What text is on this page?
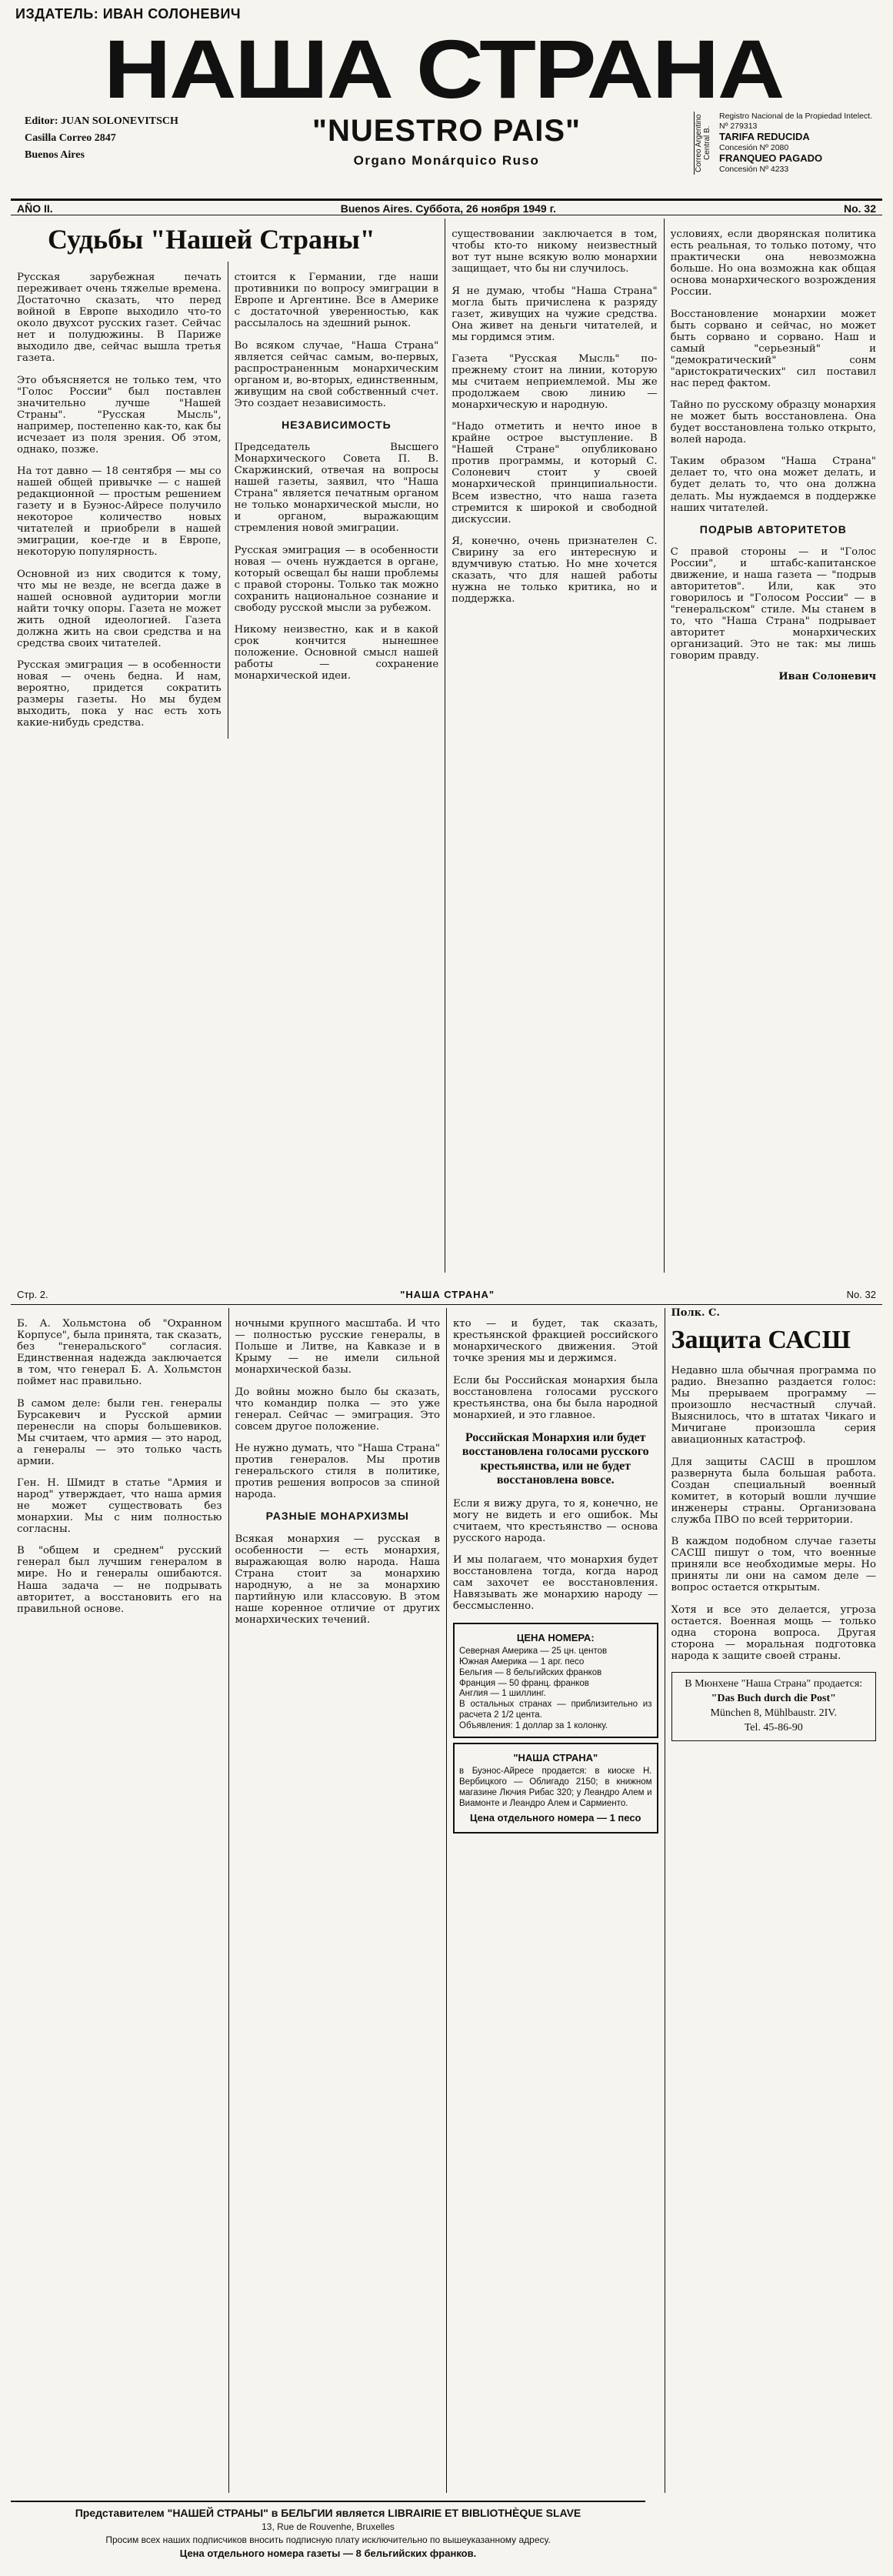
ИЗДАТЕЛЬ: ИВАН СОЛОНЕВИЧ
НАША СТРАНА
Editor: JUAN SOLONEVITSCH
Casilla Correo 2847
Buenos Aires
"NUESTRO PAIS"
Organo Monárquico Ruso	Correo Argentino Central B.
Registro Nacional de la Propiedad Intelect. Nº 279313
TARIFA REDUCIDA
Concesión Nº 2080
FRANQUEO PAGADO
Concesión Nº 4233
AÑO II.	Buenos Aires. Суббота, 26 ноября 1949 г.	No. 32
Судьбы "Нашей Страны"

Русская зарубежная печать переживает очень тяжелые времена. Достаточно сказать, что перед войной в Европе выходило что-то около двухсот русских газет. Сейчас нет и полудюжины. В Париже выходило две, сейчас вышла третья газета.

Это объясняется не только тем, что "Голос России" был поставлен значительно лучше "Нашей Страны". "Русская Мысль", например, постепенно как-то, как бы исчезает из поля зрения. Об этом, однако, позже.

На тот давно — 18 сентября — мы со нашей общей привычке — с нашей редакционной — простым решением газету и в Буэнос-Айресе получило некоторое количество новых читателей и приобрели в нашей эмиграции, кое-где и в Европе, некоторую популярность.

Основной из них сводится к тому, что мы не везде, не всегда даже в нашей основной аудитории могли найти точку опоры. Газета не может жить одной идеологией. Газета должна жить на свои средства и на средства своих читателей.

Русская эмиграция — в особенности новая — очень бедна. И нам, вероятно, придется сократить размеры газеты. Но мы будем выходить, пока у нас есть хоть какие-нибудь средства.

стоится к Германии, где наши противники по вопросу эмиграции в Европе и Аргентине. Все в Америке с достаточной уверенностью, как рассылалось на здешний рынок.

Во всяком случае, "Наша Страна" является сейчас самым, во-первых, распространенным монархическим органом и, во-вторых, единственным, живущим на свой собственный счет. Это создает независимость.

НЕЗАВИСИМОСТЬ

Председатель Высшего Монархического Совета П. В. Скаржинский, отвечая на вопросы нашей газеты, заявил, что "Наша Страна" является печатным органом не только монархической мысли, но и органом, выражающим стремления новой эмиграции.

Русская эмиграция — в особенности новая — очень нуждается в органе, который освещал бы наши проблемы с правой стороны. Только так можно сохранить национальное сознание и свободу русской мысли за рубежом.

Никому неизвестно, как и в какой срок кончится нынешнее положение. Основной смысл нашей работы — сохранение монархической идеи.

существовании заключается в том, чтобы кто-то никому неизвестный вот тут ныне всякую волю монархии защищает, что бы ни случилось.

Я не думаю, чтобы "Наша Страна" могла быть причислена к разряду газет, живущих на чужие средства. Она живет на деньги читателей, и мы гордимся этим.

Газета "Русская Мысль" по-прежнему стоит на линии, которую мы считаем неприемлемой. Мы же продолжаем свою линию — монархическую и народную.

"Надо отметить и нечто иное в крайне острое выступление. В "Нашей Стране" опубликовано против программы, и который С. Солоневич стоит у своей монархической принципиальности. Всем известно, что наша газета стремится к широкой и свободной дискуссии.

Я, конечно, очень признателен С. Свирину за его интересную и вдумчивую статью. Но мне хочется сказать, что для нашей работы нужна не только критика, но и поддержка.

условиях, если дворянская политика есть реальная, то только потому, что практически она невозможна больше. Но она возможна как общая основа монархического возрождения России.

Восстановление монархии может быть сорвано и сейчас, но может быть сорвано и сорвано. Наш и самый "серьезный" и "демократический" сонм "аристократических" сил поставил нас перед фактом.

Тайно по русскому образцу монархия не может быть восстановлена. Она будет восстановлена только открыто, волей народа.

Таким образом "Наша Страна" делает то, что она может делать, и будет делать то, что она должна делать. Мы нуждаемся в поддержке наших читателей.

ПОДРЫВ АВТОРИТЕТОВ

С правой стороны — и "Голос России", и штабс-капитанское движение, и наша газета — "подрыв авторитетов". Или, как это говорилось и "Голосом России" — в "генеральском" стиле. Мы станем в то, что "Наша Страна" подрывает авторитет монархических организаций. Это не так: мы лишь говорим правду.

Иван Солоневич
Стр. 2.	"НАША СТРАНА"	No. 32

Б. А. Хольмстона об "Охранном Корпусе", была принята, так сказать, без "генеральского" согласия. Единственная надежда заключается в том, что генерал Б. А. Хольмстон поймет нас правильно.

В самом деле: были ген. генералы Бурсакевич и Русской армии перенесли на споры большевиков. Мы считаем, что армия — это народ, а генералы — это только часть армии.

Ген. Н. Шмидт в статье "Армия и народ" утверждает, что наша армия не может существовать без монархии. Мы с ним полностью согласны.

В "общем и среднем" русский генерал был лучшим генералом в мире. Но и генералы ошибаются. Наша задача — не подрывать авторитет, а восстановить его на правильной основе.

ночными крупного масштаба. И что — полностью русские генералы, в Польше и Литве, на Кавказе и в Крыму — не имели сильной монархической базы.

До войны можно было бы сказать, что командир полка — это уже генерал. Сейчас — эмиграция. Это совсем другое положение.

Не нужно думать, что "Наша Страна" против генералов. Мы против генеральского стиля в политике, против решения вопросов за спиной народа.

РАЗНЫЕ МОНАРХИЗМЫ

Всякая монархия — русская в особенности — есть монархия, выражающая волю народа. Наша Страна стоит за монархию народную, а не за монархию партийную или классовую. В этом наше коренное отличие от других монархических течений.

кто — и будет, так сказать, крестьянской фракцией российского монархического движения. Этой точке зрения мы и держимся.

Если бы Российская монархия была восстановлена голосами русского крестьянства, она бы была народной монархией, и это главное.

Российская Монархия или будет восстановлена голосами русского крестьянства, или не будет восстановлена вовсе.

Если я вижу друга, то я, конечно, не могу не видеть и его ошибок. Мы считаем, что крестьянство — основа русского народа.

И мы полагаем, что монархия будет восстановлена тогда, когда народ сам захочет ее восстановления. Навязывать же монархию народу — бессмысленно.

ЦЕНА НОМЕРА:
Северная Америка — 25 цн. центов
Южная Америка — 1 арг. песо
Бельгия — 8 бельгийских франков
Франция — 50 франц. франков
Англия — 1 шиллинг.
В остальных странах — приблизительно из расчета 2 1/2 цента.
Объявления: 1 доллар за 1 колонку.
"НАША СТРАНА"
в Буэнос-Айресе продается: в киоске Н. Вербицкого — Облигадо 2150; в книжном магазине Лючия Рибас 320; у Леандро Алем и Виамонте и Леандро Алем и Сармиенто.
Цена отдельного номера — 1 песо
Полк. С.
Защита САСШ

Недавно шла обычная программа по радио. Внезапно раздается голос: Мы прерываем программу — произошло несчастный случай. Выяснилось, что в штатах Чикаго и Мичигане произошла серия авиационных катастроф.

Для защиты САСШ в прошлом развернута была большая работа. Создан специальный военный комитет, в который вошли лучшие инженеры страны. Организована служба ПВО по всей территории.

В каждом подобном случае газеты САСШ пишут о том, что военные приняли все необходимые меры. Но приняты ли они на самом деле — вопрос остается открытым.

Хотя и все это делается, угроза остается. Военная мощь — только одна сторона вопроса. Другая сторона — моральная подготовка народа к защите своей страны.

В Мюнхене "Наша Страна" продается:
"Das Buch durch die Post"
München 8, Mühlbaustr. 2IV.
Tel. 45-86-90
Представителем "НАШЕЙ СТРАНЫ" в БЕЛЬГИИ является LIBRAIRIE ET BIBLIOTHÈQUE SLAVE
13, Rue de Rouvenhe, Bruxelles
Просим всех наших подписчиков вносить подписную плату исключительно по вышеуказанному адресу.
Цена отдельного номера газеты — 8 бельгийских франков.
